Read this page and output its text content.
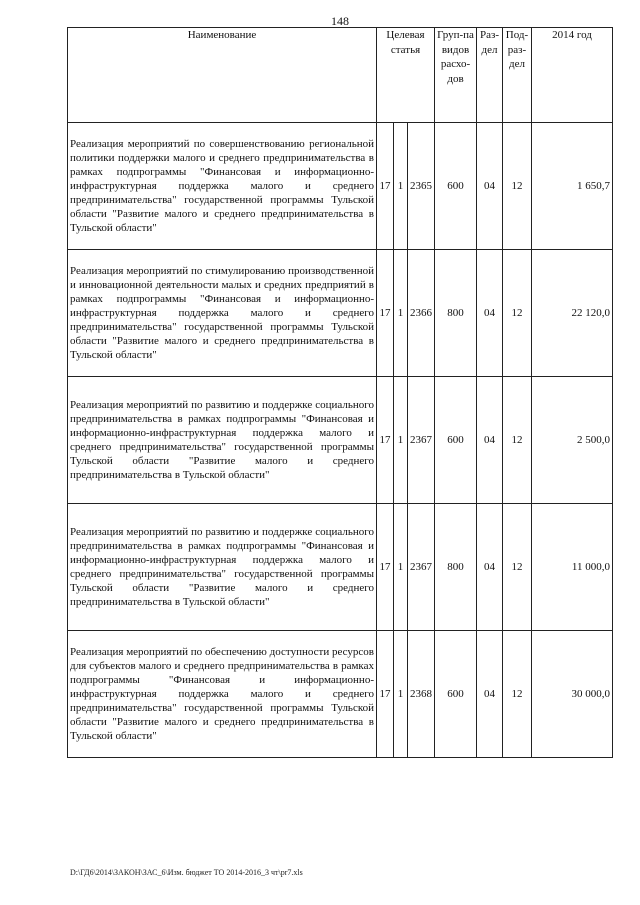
148
Наименование	Целевая статья			Груп-па видов расхо-дов	Раз-дел	Под-раз-дел	2014 год
Реализация мероприятий по совершенствованию региональной политики поддержки малого и среднего предпринимательства в рамках подпрограммы "Финансовая и информационно-инфраструктурная поддержка малого и среднего предпринимательства" государственной программы Тульской области "Развитие малого и среднего предпринимательства в Тульской области"	17	1	2365	600	04	12	1 650,7
Реализация мероприятий по стимулированию производственной и инновационной деятельности малых и средних предприятий в рамках подпрограммы "Финансовая и информационно-инфраструктурная поддержка малого и среднего предпринимательства" государственной программы Тульской области "Развитие малого и среднего предпринимательства в Тульской области"	17	1	2366	800	04	12	22 120,0
Реализация мероприятий по развитию и поддержке социального предпринимательства в рамках подпрограммы "Финансовая и информационно-инфраструктурная поддержка малого и среднего предпринимательства" государственной программы Тульской области "Развитие малого и среднего предпринимательства в Тульской области"	17	1	2367	600	04	12	2 500,0
Реализация мероприятий по развитию и поддержке социального предпринимательства в рамках подпрограммы "Финансовая и информационно-инфраструктурная поддержка малого и среднего предпринимательства" государственной программы Тульской области "Развитие малого и среднего предпринимательства в Тульской области"	17	1	2367	800	04	12	11 000,0
Реализация мероприятий по обеспечению доступности ресурсов для субъектов малого и среднего предпринимательства в рамках подпрограммы "Финансовая и информационно-инфраструктурная поддержка малого и среднего предпринимательства" государственной программы Тульской области "Развитие малого и среднего предпринимательства в Тульской области"	17	1	2368	600	04	12	30 000,0
D:\ГД6\2014\ЗАКОН\ЗАС_6\Изм. бюджет ТО 2014-2016_3 чт\pr7.xls
